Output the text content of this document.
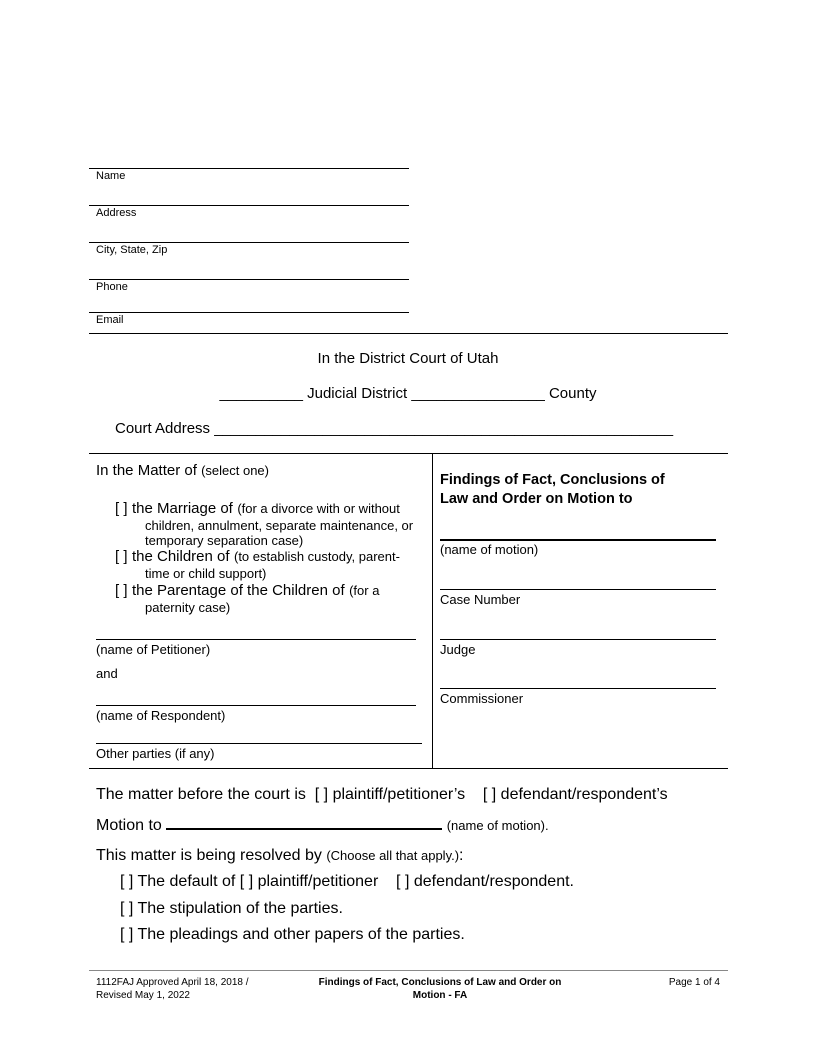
Name
Address
City, State, Zip
Phone
Email
In the District Court of Utah
__________ Judicial District ________________ County
Court Address _______________________________________________________
In the Matter of (select one)
[ ] the Marriage of (for a divorce with or without
children, annulment, separate maintenance, or
temporary separation case)
[ ] the Children of (to establish custody, parent-
time or child support)
[ ] the Parentage of the Children of (for a
paternity case)
(name of Petitioner)
and
(name of Respondent)
Other parties (if any)
Findings of Fact, Conclusions of
Law and Order on Motion to
(name of motion)
Case Number
Judge
Commissioner
The matter before the court is [ ] plaintiff/petitioner’s [ ] defendant/respondent’s
Motion to	(name of motion).
This matter is being resolved by (Choose all that apply.):
[ ] The default of [ ] plaintiff/petitioner [ ] defendant/respondent.
[ ] The stipulation of the parties.
[ ] The pleadings and other papers of the parties.
1112FAJ Approved April 18, 2018 /
Revised May 1, 2022
Findings of Fact, Conclusions of Law and Order on
Motion - FA
Page 1 of 4
